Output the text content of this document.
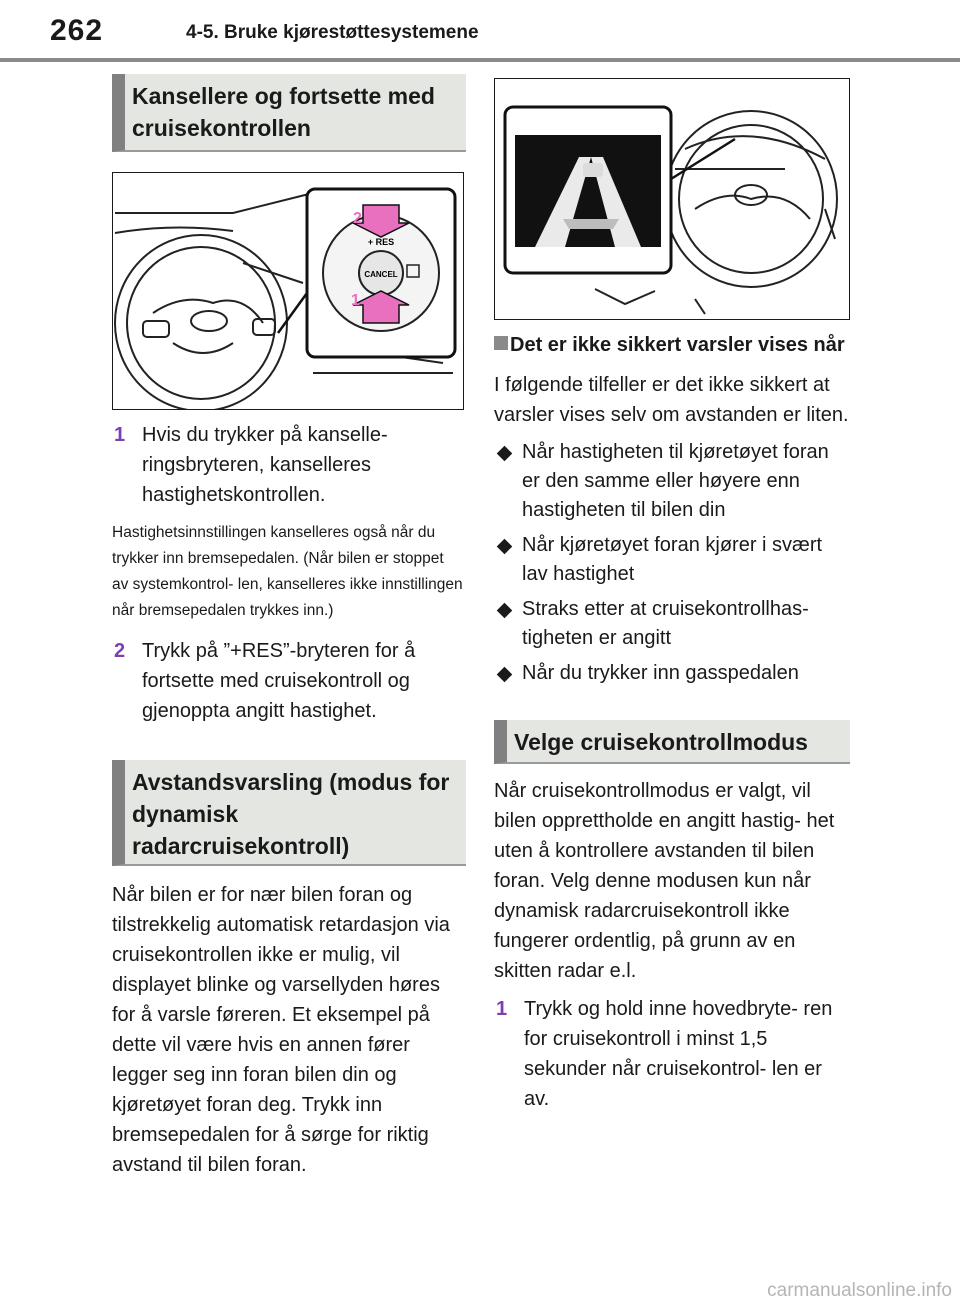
262	4-5. Bruke kjørestøttesystemene
Kansellere og fortsette med cruisekontrollen
CANCEL
+ RES
2
1
1 Hvis du trykker på kanselle- ringsbryteren, kanselleres hastighetskontrollen.
Hastighetsinnstillingen kanselleres også når du trykker inn bremsepedalen. (Når bilen er stoppet av systemkontrol- len, kanselleres ikke innstillingen når bremsepedalen trykkes inn.)
2 Trykk på ”+RES”-bryteren for å fortsette med cruisekontroll og gjenoppta angitt hastighet.
Avstandsvarsling (modus for dynamisk radarcruisekontroll)
Når bilen er for nær bilen foran og tilstrekkelig automatisk retardasjon via cruisekontrollen ikke er mulig, vil displayet blinke og varsellyden høres for å varsle føreren. Et eksempel på dette vil være hvis en annen fører legger seg inn foran bilen din og kjøretøyet foran deg. Trykk inn bremsepedalen for å sørge for riktig avstand til bilen foran.
Det er ikke sikkert varsler vises når
I følgende tilfeller er det ikke sikkert at varsler vises selv om avstanden er liten.
Når hastigheten til kjøretøyet foran er den samme eller høyere enn hastigheten til bilen din
Når kjøretøyet foran kjører i svært lav hastighet
Straks etter at cruisekontrollhas- tigheten er angitt
Når du trykker inn gasspedalen
Velge cruisekontrollmodus
Når cruisekontrollmodus er valgt, vil bilen opprettholde en angitt hastig- het uten å kontrollere avstanden til bilen foran. Velg denne modusen kun når dynamisk radarcruisekontroll ikke fungerer ordentlig, på grunn av en skitten radar e.l.
1 Trykk og hold inne hovedbryte- ren for cruisekontroll i minst 1,5 sekunder når cruisekontrol- len er av.
carmanualsonline.info
